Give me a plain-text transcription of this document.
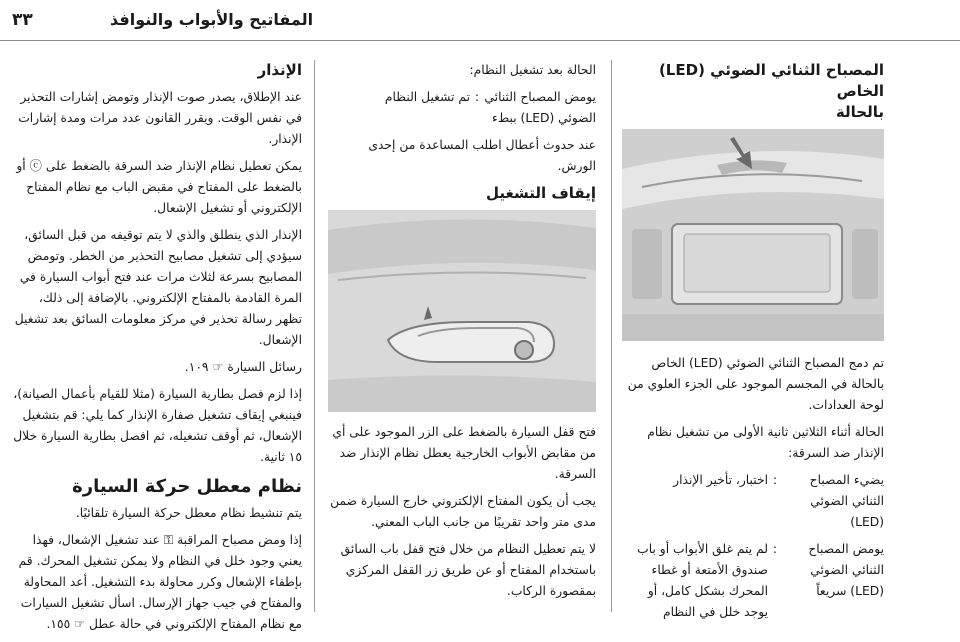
المفاتيح والأبواب والنوافذ
٣٣
المصباح الثنائي الضوئي (LED) الخاص
بالحالة

تم دمج المصباح الثنائي الضوئي (LED) الخاص بالحالة في المجسم الموجود على الجزء العلوي من لوحة العدادات.

الحالة أثناء الثلاثين ثانية الأولى من تشغيل نظام الإنذار ضد السرقة:

يضيء المصباح الثنائي الضوئي (LED)
:
اختبار، تأخير الإنذار
يومض المصباح الثنائي الضوئي (LED) سريعاً
:
لم يتم غلق الأبواب أو باب صندوق الأمتعة أو غطاء المحرك بشكل كامل، أو يوجد خلل في النظام

الحالة بعد تشغيل النظام:

يومض المصباح الثنائي الضوئي (LED) ببطء
:
تم تشغيل النظام

عند حدوث أعطال اطلب المساعدة من إحدى الورش.

إيقاف التشغيل

فتح قفل السيارة بالضغط على الزر الموجود على أي من مقابض الأبواب الخارجية يعطل نظام الإنذار ضد السرقة.

يجب أن يكون المفتاح الإلكتروني خارج السيارة ضمن مدى متر واحد تقريبًا من جانب الباب المعني.

لا يتم تعطيل النظام من خلال فتح قفل باب السائق باستخدام المفتاح أو عن طريق زر القفل المركزي بمقصورة الركاب.

الإنذار

عند الإطلاق، يصدر صوت الإنذار وتومض إشارات التحذير في نفس الوقت. ويقرر القانون عدد مرات ومدة إشارات الإنذار.

يمكن تعطيل نظام الإنذار ضد السرقة بالضغط على ⓒ أو بالضغط على المفتاح في مقبض الباب مع نظام المفتاح الإلكتروني أو تشغيل الإشعال.

الإنذار الذي ينطلق والذي لا يتم توقيفه من قبل السائق، سيؤدي إلى تشغيل مصابيح التحذير من الخطر. وتومض المصابيح بسرعة لثلاث مرات عند فتح أبواب السيارة في المرة القادمة بالمفتاح الإلكتروني. بالإضافة إلى ذلك، تظهر رسالة تحذير في مركز معلومات السائق بعد تشغيل الإشعال.

رسائل السيارة ☞ ١٠٩.

إذا لزم فصل بطارية السيارة (مثلا للقيام بأعمال الصيانة)، فينبغي إيقاف تشغيل صفارة الإنذار كما يلي: قم بتشغيل الإشعال، ثم أوقف تشغيله، ثم افصل بطارية السيارة خلال ١٥ ثانية.

نظام معطل حركة السيارة

يتم تنشيط نظام معطل حركة السيارة تلقائيًا.

إذا ومض مصباح المراقبة ⚿ عند تشغيل الإشعال، فهذا يعني وجود خلل في النظام ولا يمكن تشغيل المحرك. قم بإطفاء الإشعال وكرر محاولة بدء التشغيل. أعد المحاولة والمفتاح في جيب جهاز الإرسال. اسأل تشغيل السيارات مع نظام المفتاح الإلكتروني في حالة عطل ☞ ١٥٥.
